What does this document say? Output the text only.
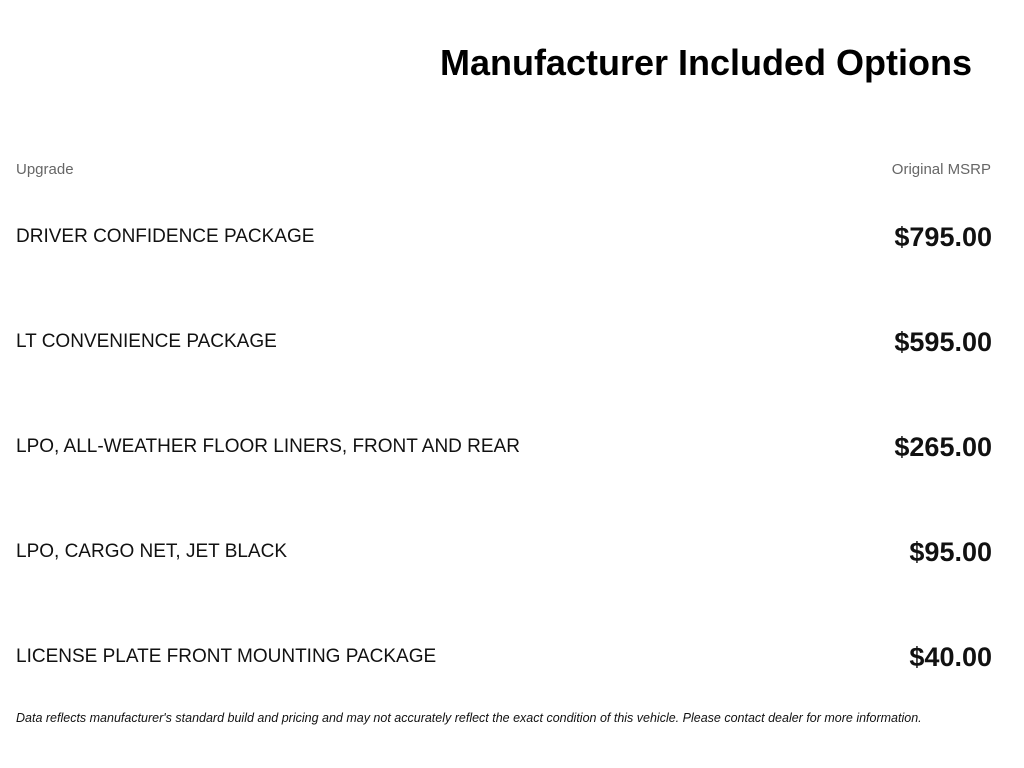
Manufacturer Included Options
Upgrade	Original MSRP
DRIVER CONFIDENCE PACKAGE	$795.00
LT CONVENIENCE PACKAGE	$595.00
LPO, ALL-WEATHER FLOOR LINERS, FRONT AND REAR	$265.00
LPO, CARGO NET, JET BLACK	$95.00
LICENSE PLATE FRONT MOUNTING PACKAGE	$40.00

Data reflects manufacturer's standard build and pricing and may not accurately reflect the exact condition of this vehicle. Please contact dealer for more information.
